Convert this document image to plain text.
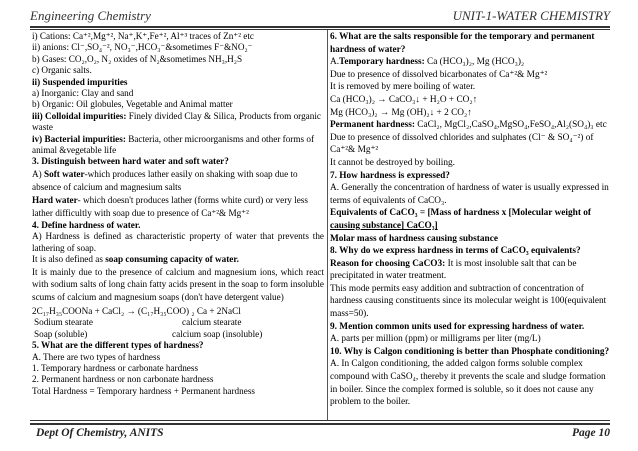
Engineering Chemistry	UNIT-1-WATER CHEMISTRY

i) Cations: Ca⁺²,Mg⁺², Na⁺,K⁺,Fe⁺², Al⁺³ traces of Zn⁺² etc

ii) anions: Cl⁻,SO₄⁻², NO₃⁻,HCO₃⁻&sometimes F⁻&NO₂⁻

b) Gases: CO₂,O₂, N₂ oxides of N₂&sometimes NH₃,H₂S

c) Organic salts.

ii) Suspended impurities

a) Inorganic: Clay and sand

b) Organic: Oil globules, Vegetable and Animal matter

iii) Colloidal impurities: Finely divided Clay & Silica, Products from organic waste

iv) Bacterial impurities: Bacteria, other microorganisms and other forms of animal &vegetable life

3. Distinguish between hard water and soft water?

A) Soft water-which produces lather easily on shaking with soap due to absence of calcium and magnesium salts

Hard water- which doesn't produces lather (forms white curd) or very less lather difficultly with soap due to presence of Ca⁺²& Mg⁺²

4. Define hardness of water.

A) Hardness is defined as characteristic property of water that prevents the lathering of soap.

It is also defined as soap consuming capacity of water.

It is mainly due to the presence of calcium and magnesium ions, which react with sodium salts of long chain fatty acids present in the soap to form insoluble scums of calcium and magnesium soaps (don't have detergent value)

2C₁₇H₃₅COONa + CaCl₂ → (C₁₇H₃₅COO) ₂ Ca + 2NaCl

Sodium stearate	calcium stearate

Soap (soluble)	calcium soap (insoluble)

5. What are the different types of hardness?

A. There are two types of hardness

1. Temporary hardness or carbonate hardness

2. Permanent hardness or non carbonate hardness

Total Hardness = Temporary hardness + Permanent hardness

6. What are the salts responsible for the temporary and permanent hardness of water?

A.Temporary hardness: Ca (HCO₃)₂, Mg (HCO₃)₂

Due to presence of dissolved bicarbonates of Ca⁺²& Mg⁺²

It is removed by mere boiling of water.

Ca (HCO₃)₂ → CaCO₃↓ + H₂O + CO₂↑

Mg (HCO₃)₂ → Mg (OH)₂↓ + 2 CO₂↑

Permanent hardness: CaCl₂, MgCl₂,CaSO₄,MgSO₄,FeSO₄,Al₂(SO₄)₃ etc

Due to presence of dissolved chlorides and sulphates (Cl⁻ & SO₄⁻²) of Ca⁺²& Mg⁺²

It cannot be destroyed by boiling.

7. How hardness is expressed?

A. Generally the concentration of hardness of water is usually expressed in terms of equivalents of CaCO₃.

Equivalents of CaCO₃ = [Mass of hardness x [Molecular weight of

causing substance] CaCO₃]

Molar mass of hardness causing substance

8. Why do we express hardness in terms of CaCO₃ equivalents?

Reason for choosing CaCO3: It is most insoluble salt that can be precipitated in water treatment.

This mode permits easy addition and subtraction of concentration of hardness causing constituents since its molecular weight is 100(equivalent mass=50).

9. Mention common units used for expressing hardness of water.

A. parts per million (ppm) or milligrams per liter (mg/L)

10. Why is Calgon conditioning is better than Phosphate conditioning?

A. In Calgon conditioning, the added calgon forms soluble complex compound with CaSO₄, thereby it prevents the scale and sludge formation in boiler. Since the complex formed is soluble, so it does not cause any problem to the boiler.

Dept Of Chemistry, ANITS	Page 10
